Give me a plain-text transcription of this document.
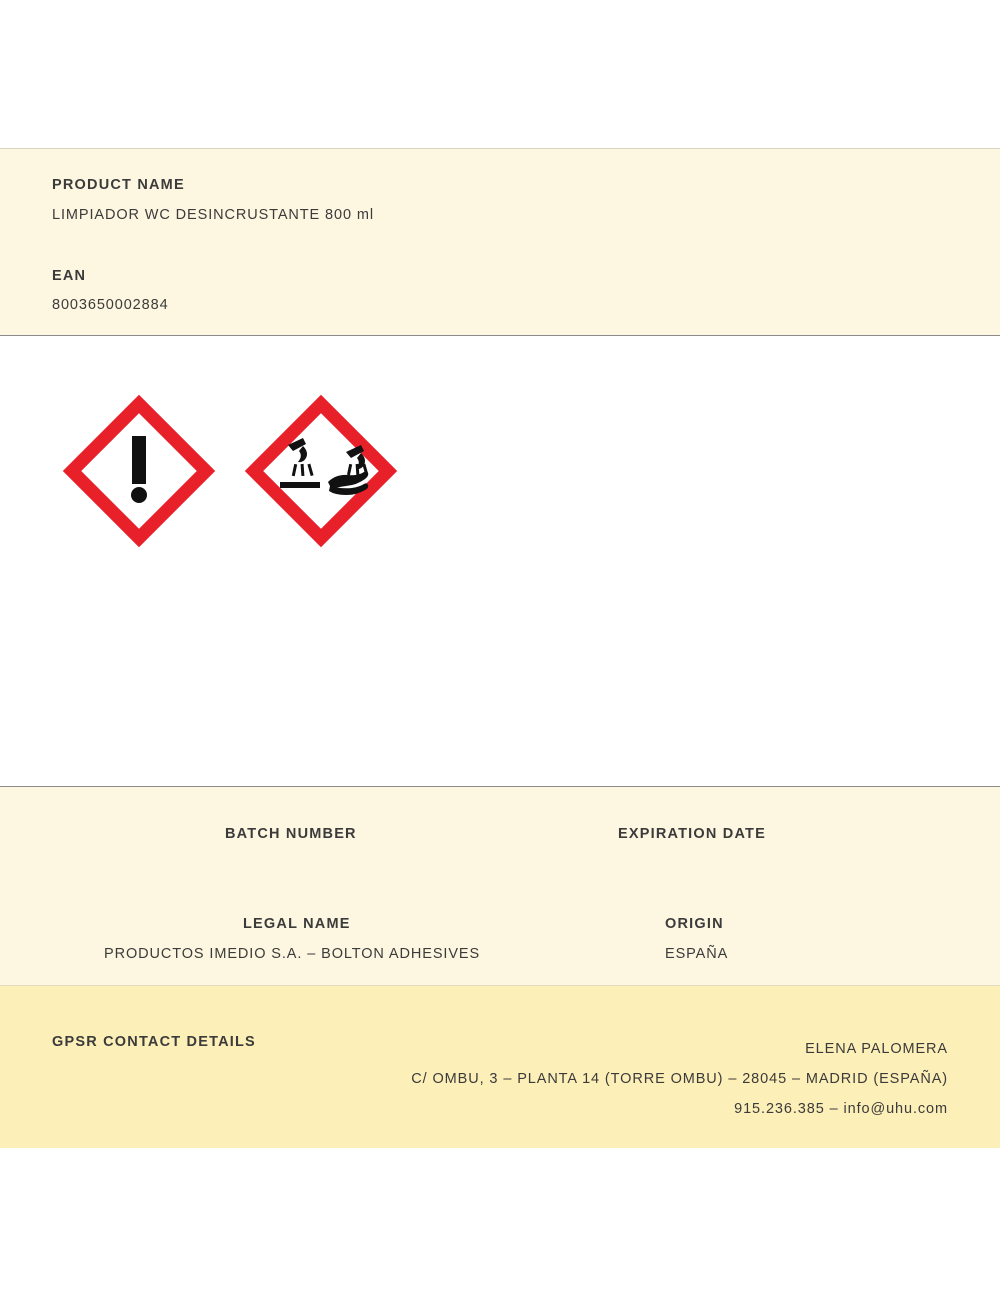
PRODUCT NAME
LIMPIADOR WC DESINCRUSTANTE 800 ml
EAN
8003650002884
BATCH NUMBER	EXPIRATION DATE
LEGAL NAME
PRODUCTOS IMEDIO S.A. – BOLTON ADHESIVES
ORIGIN
ESPAÑA
GPSR CONTACT DETAILS	ELENA PALOMERA
C/ OMBU, 3 – PLANTA 14 (TORRE OMBU) – 28045 – MADRID (ESPAÑA)
915.236.385 – info@uhu.com
